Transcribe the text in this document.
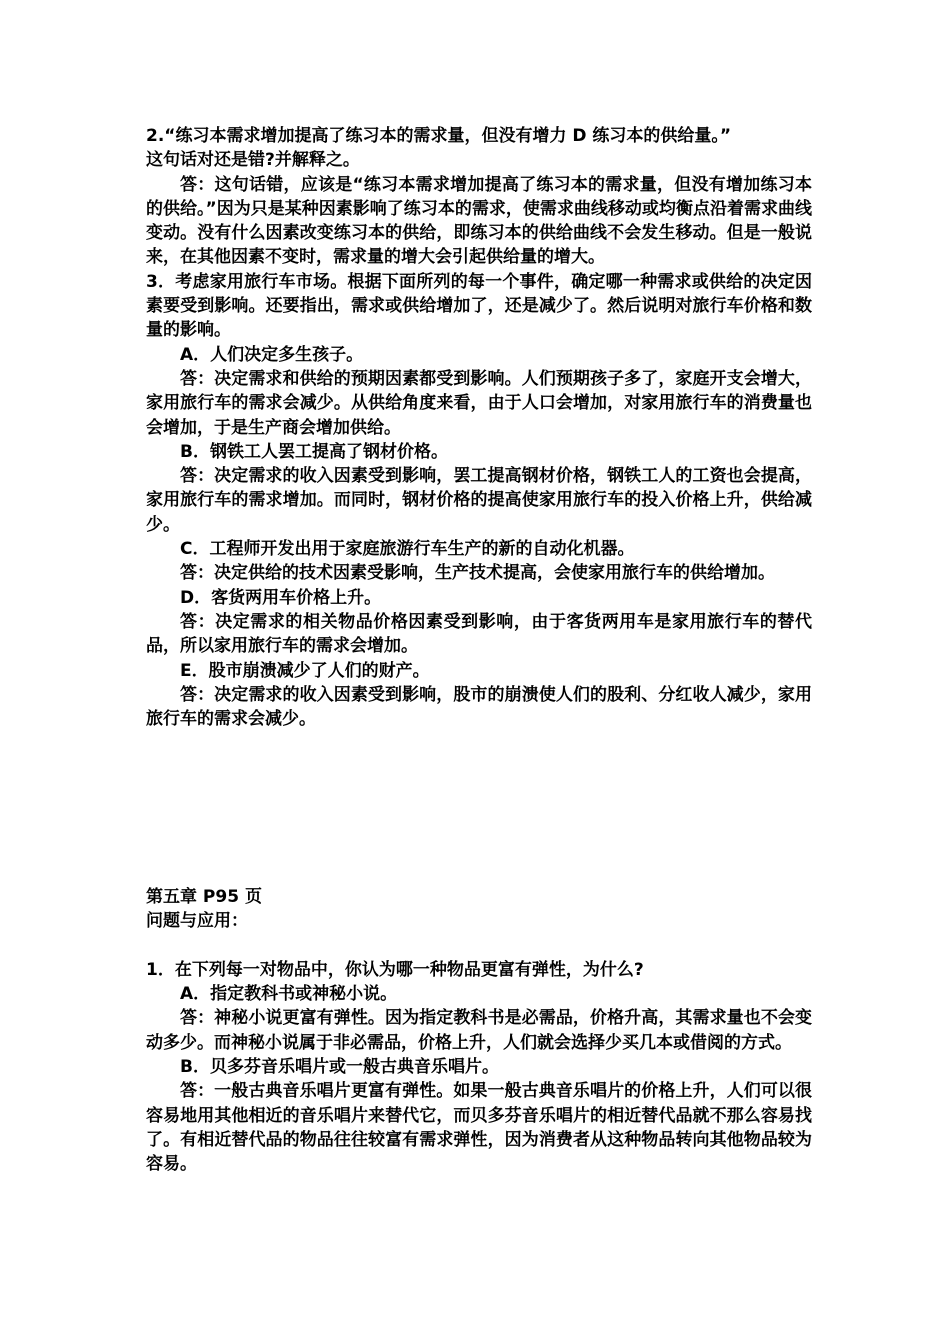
2.“练习本需求增加提高了练习本的需求量，但没有增力 D 练习本的供给量。”
这句话对还是错?并解释之。

答：这句话错，应该是“练习本需求增加提高了练习本的需求量，但没有增加练习本的供给。”因为只是某种因素影响了练习本的需求，使需求曲线移动或均衡点沿着需求曲线变动。没有什么因素改变练习本的供给，即练习本的供给曲线不会发生移动。但是一般说来，在其他因素不变时，需求量的增大会引起供给量的增大。

3．考虑家用旅行车市场。根据下面所列的每一个事件，确定哪一种需求或供给的决定因素要受到影响。还要指出，需求或供给增加了，还是减少了。然后说明对旅行车价格和数量的影响。

A．人们决定多生孩子。

答：决定需求和供给的预期因素都受到影响。人们预期孩子多了，家庭开支会增大，家用旅行车的需求会减少。从供给角度来看，由于人口会增加，对家用旅行车的消费量也会增加，于是生产商会增加供给。

B．钢铁工人罢工提高了钢材价格。

答：决定需求的收入因素受到影响，罢工提高钢材价格，钢铁工人的工资也会提高，家用旅行车的需求增加。而同时，钢材价格的提高使家用旅行车的投入价格上升，供给减少。

C．工程师开发出用于家庭旅游行车生产的新的自动化机器。

答：决定供给的技术因素受影响，生产技术提高，会使家用旅行车的供给增加。

D．客货两用车价格上升。

答：决定需求的相关物品价格因素受到影响，由于客货两用车是家用旅行车的替代品，所以家用旅行车的需求会增加。

E．股市崩溃减少了人们的财产。

答：决定需求的收入因素受到影响，股市的崩溃使人们的股利、分红收人减少，家用旅行车的需求会减少。

第五章 P95 页
问题与应用：

1．在下列每一对物品中，你认为哪一种物品更富有弹性，为什么?

A．指定教科书或神秘小说。

答：神秘小说更富有弹性。因为指定教科书是必需品，价格升高，其需求量也不会变动多少。而神秘小说属于非必需品，价格上升，人们就会选择少买几本或借阅的方式。

B．贝多芬音乐唱片或一般古典音乐唱片。

答：一般古典音乐唱片更富有弹性。如果一般古典音乐唱片的价格上升，人们可以很容易地用其他相近的音乐唱片来替代它，而贝多芬音乐唱片的相近替代品就不那么容易找了。有相近替代品的物品往往较富有需求弹性，因为消费者从这种物品转向其他物品较为容易。
